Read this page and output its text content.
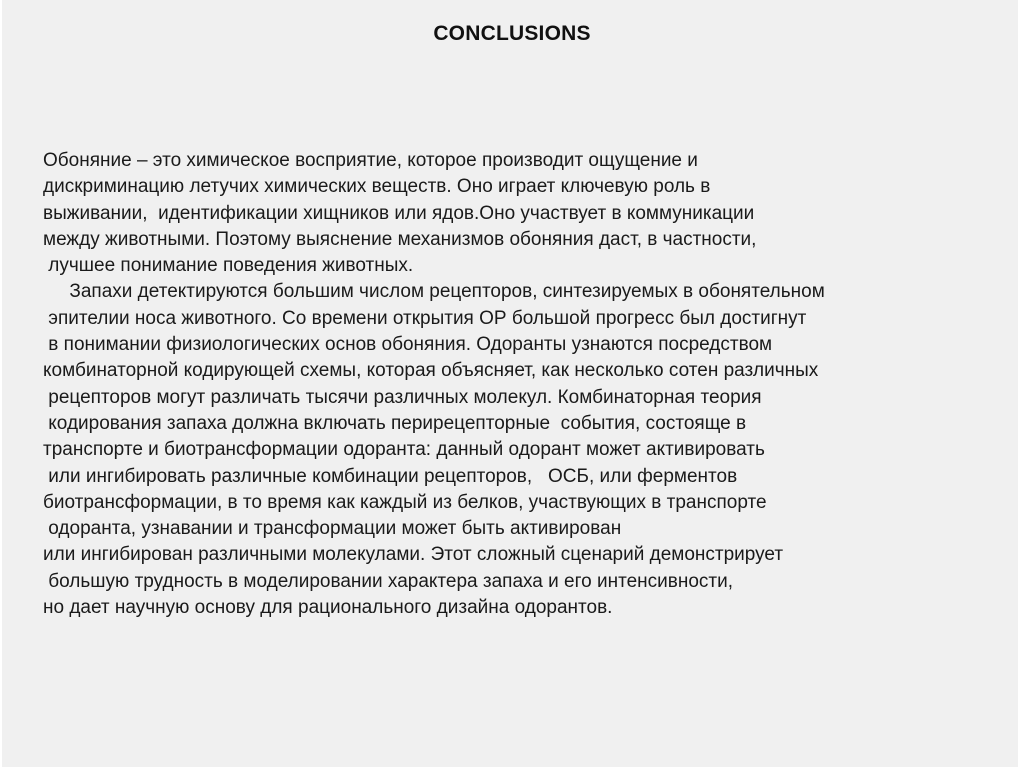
CONCLUSIONS
Обоняние – это химическое восприятие, которое производит ощущение и
дискриминацию летучих химических веществ. Оно играет ключевую роль в
выживании,  идентификации хищников или ядов.Оно участвует в коммуникации
между животными. Поэтому выяснение механизмов обоняния даст, в частности,
лучшее понимание поведения животных.
Запахи детектируются большим числом рецепторов, синтезируемых в обонятельном
эпителии носа животного. Со времени открытия ОР большой прогресс был достигнут
в понимании физиологических основ обоняния. Одоранты узнаются посредством
комбинаторной кодирующей схемы, которая объясняет, как несколько сотен различных
рецепторов могут различать тысячи различных молекул. Комбинаторная теория
кодирования запаха должна включать перирецепторные  события, состояще в
транспорте и биотрансформации одоранта: данный одорант может активировать
или ингибировать различные комбинации рецепторов,   ОСБ, или ферментов
биотрансформации, в то время как каждый из белков, участвующих в транспорте
одоранта, узнавании и трансформации может быть активирован
или ингибирован различными молекулами. Этот сложный сценарий демонстрирует
большую трудность в моделировании характера запаха и его интенсивности,
но дает научную основу для рационального дизайна одорантов.
